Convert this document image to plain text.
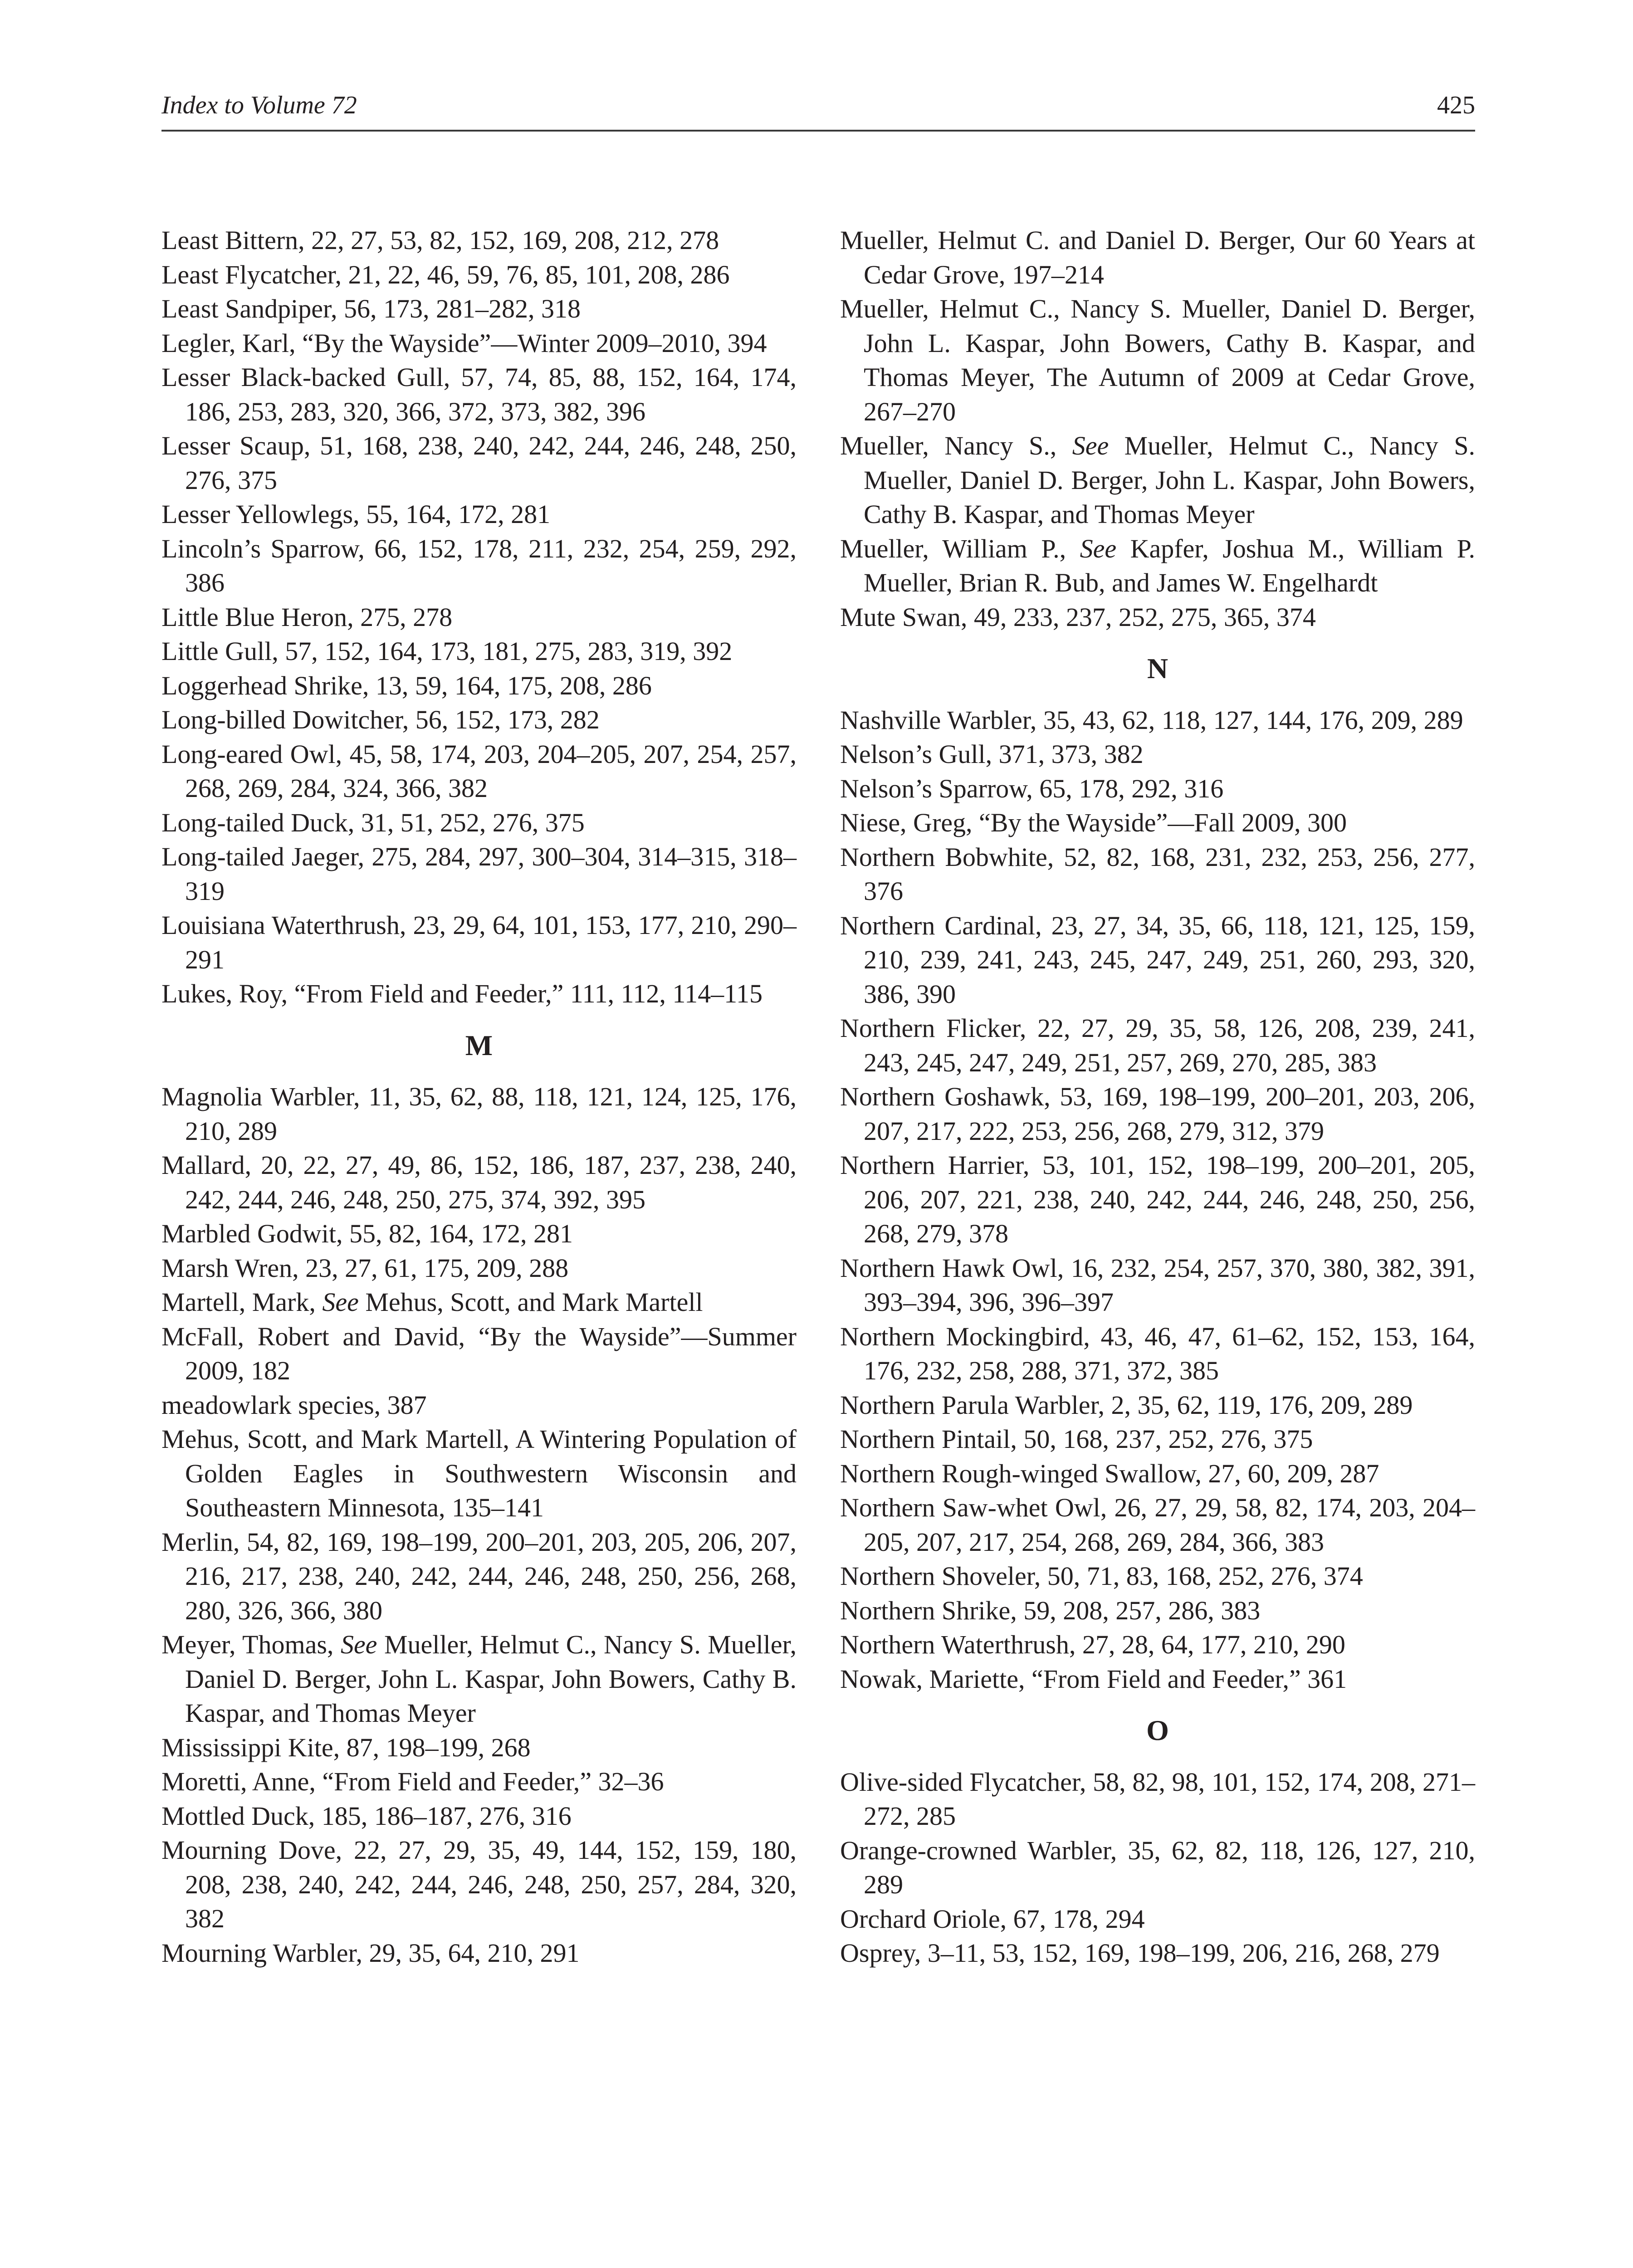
Index to Volume 72	425
Least Bittern, 22, 27, 53, 82, 152, 169, 208, 212, 278
Least Flycatcher, 21, 22, 46, 59, 76, 85, 101, 208, 286
Least Sandpiper, 56, 173, 281–282, 318
Legler, Karl, “By the Wayside”—Winter 2009–2010, 394
Lesser Black-backed Gull, 57, 74, 85, 88, 152, 164, 174, 186, 253, 283, 320, 366, 372, 373, 382, 396
Lesser Scaup, 51, 168, 238, 240, 242, 244, 246, 248, 250, 276, 375
Lesser Yellowlegs, 55, 164, 172, 281
Lincoln’s Sparrow, 66, 152, 178, 211, 232, 254, 259, 292, 386
Little Blue Heron, 275, 278
Little Gull, 57, 152, 164, 173, 181, 275, 283, 319, 392
Loggerhead Shrike, 13, 59, 164, 175, 208, 286
Long-billed Dowitcher, 56, 152, 173, 282
Long-eared Owl, 45, 58, 174, 203, 204–205, 207, 254, 257, 268, 269, 284, 324, 366, 382
Long-tailed Duck, 31, 51, 252, 276, 375
Long-tailed Jaeger, 275, 284, 297, 300–304, 314–315, 318–319
Louisiana Waterthrush, 23, 29, 64, 101, 153, 177, 210, 290–291
Lukes, Roy, “From Field and Feeder,” 111, 112, 114–115
M
Magnolia Warbler, 11, 35, 62, 88, 118, 121, 124, 125, 176, 210, 289
Mallard, 20, 22, 27, 49, 86, 152, 186, 187, 237, 238, 240, 242, 244, 246, 248, 250, 275, 374, 392, 395
Marbled Godwit, 55, 82, 164, 172, 281
Marsh Wren, 23, 27, 61, 175, 209, 288
Martell, Mark, See Mehus, Scott, and Mark Martell
McFall, Robert and David, “By the Wayside”—Summer 2009, 182
meadowlark species, 387
Mehus, Scott, and Mark Martell, A Wintering Population of Golden Eagles in Southwestern Wisconsin and Southeastern Minnesota, 135–141
Merlin, 54, 82, 169, 198–199, 200–201, 203, 205, 206, 207, 216, 217, 238, 240, 242, 244, 246, 248, 250, 256, 268, 280, 326, 366, 380
Meyer, Thomas, See Mueller, Helmut C., Nancy S. Mueller, Daniel D. Berger, John L. Kaspar, John Bowers, Cathy B. Kaspar, and Thomas Meyer
Mississippi Kite, 87, 198–199, 268
Moretti, Anne, “From Field and Feeder,” 32–36
Mottled Duck, 185, 186–187, 276, 316
Mourning Dove, 22, 27, 29, 35, 49, 144, 152, 159, 180, 208, 238, 240, 242, 244, 246, 248, 250, 257, 284, 320, 382
Mourning Warbler, 29, 35, 64, 210, 291
Mueller, Helmut C. and Daniel D. Berger, Our 60 Years at Cedar Grove, 197–214
Mueller, Helmut C., Nancy S. Mueller, Daniel D. Berger, John L. Kaspar, John Bowers, Cathy B. Kaspar, and Thomas Meyer, The Autumn of 2009 at Cedar Grove, 267–270
Mueller, Nancy S., See Mueller, Helmut C., Nancy S. Mueller, Daniel D. Berger, John L. Kaspar, John Bowers, Cathy B. Kaspar, and Thomas Meyer
Mueller, William P., See Kapfer, Joshua M., William P. Mueller, Brian R. Bub, and James W. Engelhardt
Mute Swan, 49, 233, 237, 252, 275, 365, 374
N
Nashville Warbler, 35, 43, 62, 118, 127, 144, 176, 209, 289
Nelson’s Gull, 371, 373, 382
Nelson’s Sparrow, 65, 178, 292, 316
Niese, Greg, “By the Wayside”—Fall 2009, 300
Northern Bobwhite, 52, 82, 168, 231, 232, 253, 256, 277, 376
Northern Cardinal, 23, 27, 34, 35, 66, 118, 121, 125, 159, 210, 239, 241, 243, 245, 247, 249, 251, 260, 293, 320, 386, 390
Northern Flicker, 22, 27, 29, 35, 58, 126, 208, 239, 241, 243, 245, 247, 249, 251, 257, 269, 270, 285, 383
Northern Goshawk, 53, 169, 198–199, 200–201, 203, 206, 207, 217, 222, 253, 256, 268, 279, 312, 379
Northern Harrier, 53, 101, 152, 198–199, 200–201, 205, 206, 207, 221, 238, 240, 242, 244, 246, 248, 250, 256, 268, 279, 378
Northern Hawk Owl, 16, 232, 254, 257, 370, 380, 382, 391, 393–394, 396, 396–397
Northern Mockingbird, 43, 46, 47, 61–62, 152, 153, 164, 176, 232, 258, 288, 371, 372, 385
Northern Parula Warbler, 2, 35, 62, 119, 176, 209, 289
Northern Pintail, 50, 168, 237, 252, 276, 375
Northern Rough-winged Swallow, 27, 60, 209, 287
Northern Saw-whet Owl, 26, 27, 29, 58, 82, 174, 203, 204–205, 207, 217, 254, 268, 269, 284, 366, 383
Northern Shoveler, 50, 71, 83, 168, 252, 276, 374
Northern Shrike, 59, 208, 257, 286, 383
Northern Waterthrush, 27, 28, 64, 177, 210, 290
Nowak, Mariette, “From Field and Feeder,” 361
O
Olive-sided Flycatcher, 58, 82, 98, 101, 152, 174, 208, 271–272, 285
Orange-crowned Warbler, 35, 62, 82, 118, 126, 127, 210, 289
Orchard Oriole, 67, 178, 294
Osprey, 3–11, 53, 152, 169, 198–199, 206, 216, 268, 279
